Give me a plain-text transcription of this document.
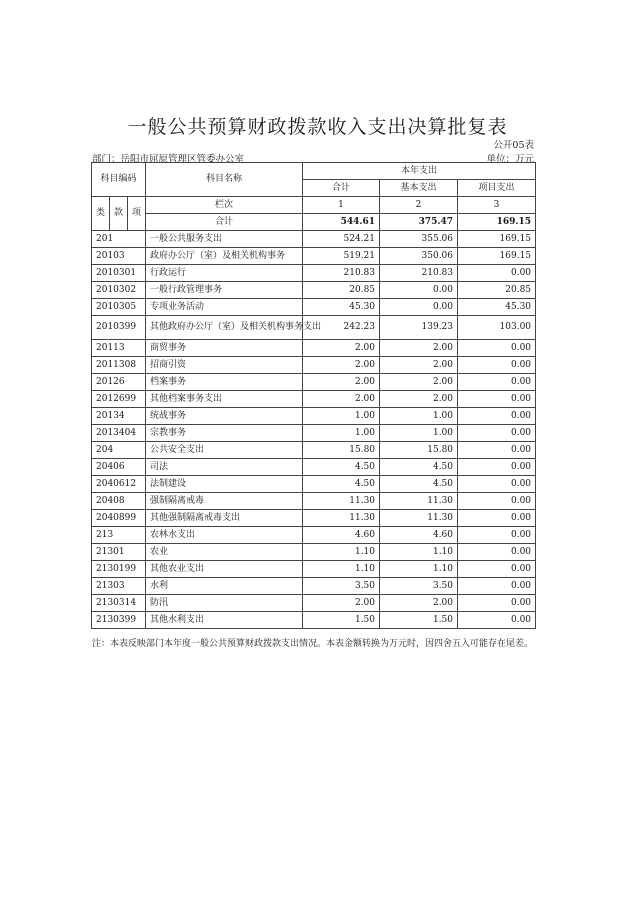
一般公共预算财政拨款收入支出决算批复表
公开05表
部门：岳阳市屈原管理区管委办公室	单位：万元
科目编码			科目名称	本年支出		
				合计	基本支出	项目支出
类	款	项	栏次	1	2	3
			合计	544.61	375.47	169.15
201			一般公共服务支出	524.21	355.06	169.15
20103			政府办公厅（室）及相关机构事务	519.21	350.06	169.15
2010301			行政运行	210.83	210.83	0.00
2010302			一般行政管理事务	20.85	0.00	20.85
2010305			专项业务活动	45.30	0.00	45.30
2010399			其他政府办公厅（室）及相关机构事务支出	242.23	139.23	103.00
20113			商贸事务	2.00	2.00	0.00
2011308			招商引资	2.00	2.00	0.00
20126			档案事务	2.00	2.00	0.00
2012699			其他档案事务支出	2.00	2.00	0.00
20134			统战事务	1.00	1.00	0.00
2013404			宗教事务	1.00	1.00	0.00
204			公共安全支出	15.80	15.80	0.00
20406			司法	4.50	4.50	0.00
2040612			法制建设	4.50	4.50	0.00
20408			强制隔离戒毒	11.30	11.30	0.00
2040899			其他强制隔离戒毒支出	11.30	11.30	0.00
213			农林水支出	4.60	4.60	0.00
21301			农业	1.10	1.10	0.00
2130199			其他农业支出	1.10	1.10	0.00
21303			水利	3.50	3.50	0.00
2130314			防汛	2.00	2.00	0.00
2130399			其他水利支出	1.50	1.50	0.00
注：本表反映部门本年度一般公共预算财政拨款支出情况。本表金额转换为万元时，因四舍五入可能存在尾差。
